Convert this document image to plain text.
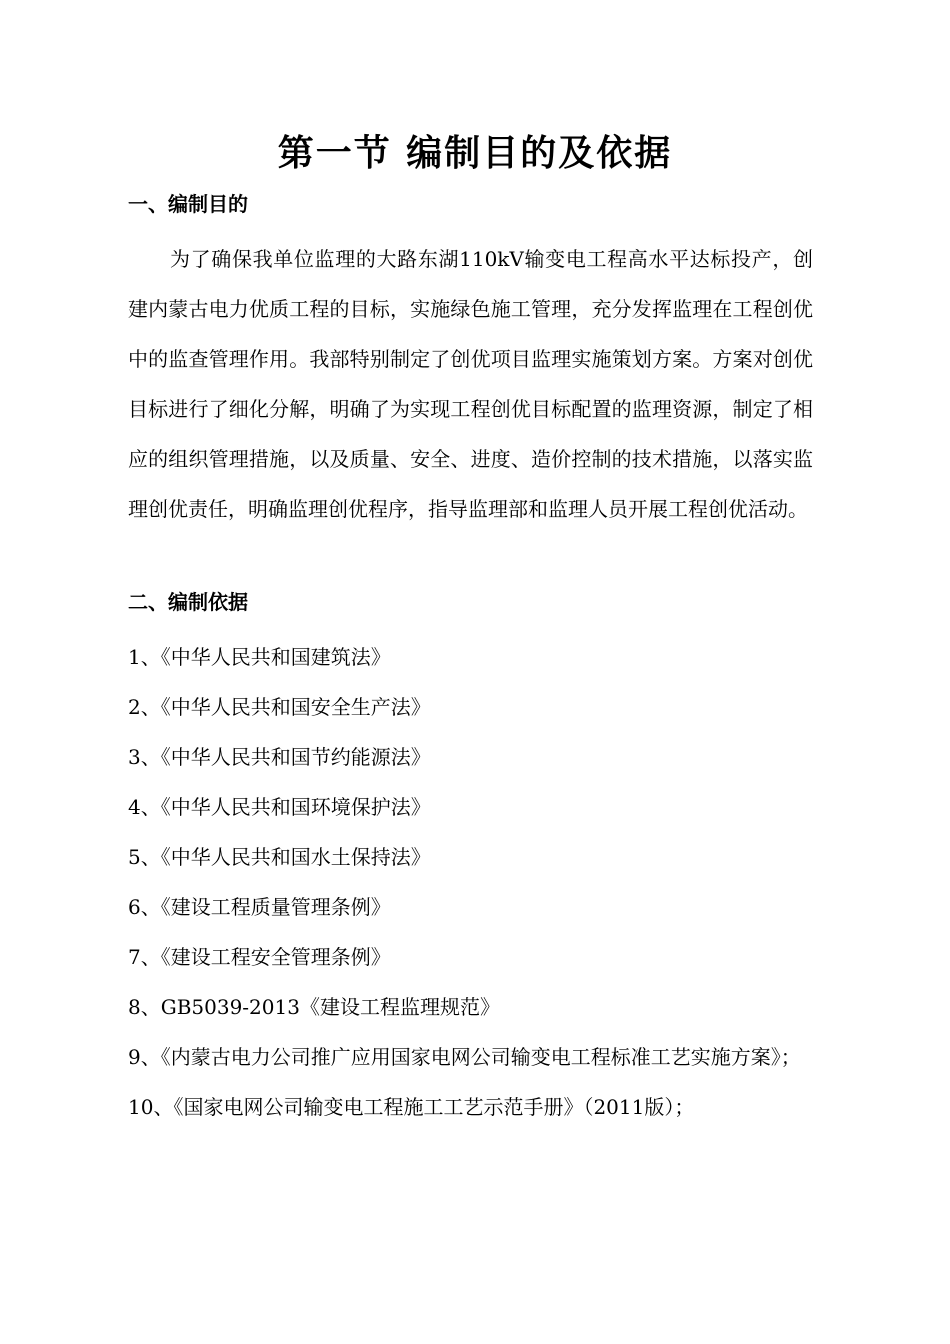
第一节 编制目的及依据
一、编制目的
为了确保我单位监理的大路东湖110kV输变电工程高水平达标投产，创建内蒙古电力优质工程的目标，实施绿色施工管理，充分发挥监理在工程创优中的监查管理作用。我部特别制定了创优项目监理实施策划方案。方案对创优目标进行了细化分解，明确了为实现工程创优目标配置的监理资源，制定了相应的组织管理措施，以及质量、安全、进度、造价控制的技术措施，以落实监理创优责任，明确监理创优程序，指导监理部和监理人员开展工程创优活动。
二、编制依据
1、《中华人民共和国建筑法》
2、《中华人民共和国安全生产法》
3、《中华人民共和国节约能源法》
4、《中华人民共和国环境保护法》
5、《中华人民共和国水土保持法》
6、《建设工程质量管理条例》
7、《建设工程安全管理条例》
8、GB5039-2013《建设工程监理规范》
9、《内蒙古电力公司推广应用国家电网公司输变电工程标准工艺实施方案》；
10、《国家电网公司输变电工程施工工艺示范手册》（2011版）；
